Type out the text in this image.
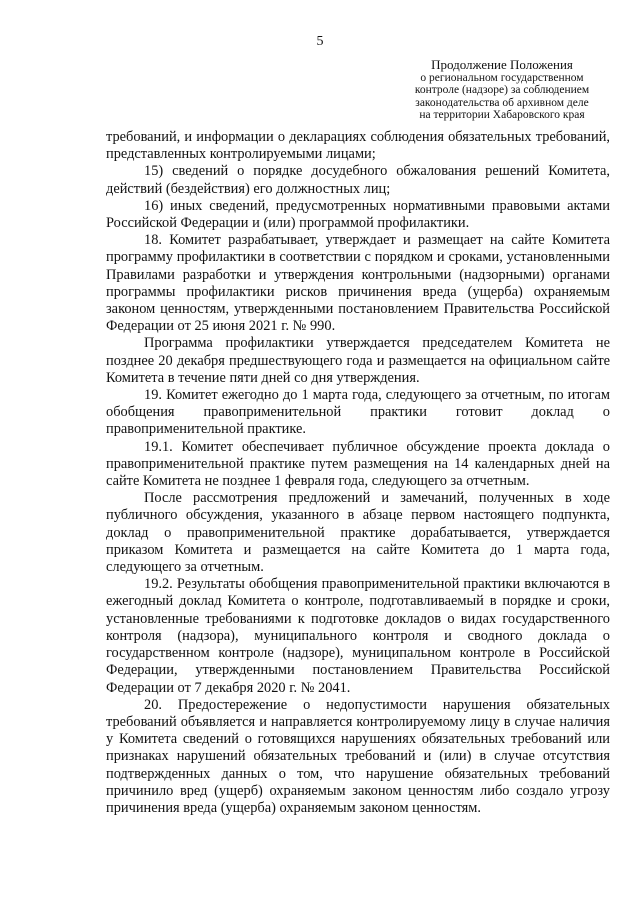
5
Продолжение Положения
о региональном государственном
контроле (надзоре) за соблюдением
законодательства об архивном деле
на территории Хабаровского края

требований, и информации о декларациях соблюдения обязательных требований, представленных контролируемыми лицами;

15) сведений о порядке досудебного обжалования решений Комитета, действий (бездействия) его должностных лиц;

16) иных сведений, предусмотренных нормативными правовыми актами Российской Федерации и (или) программой профилактики.

18. Комитет разрабатывает, утверждает и размещает на сайте Комитета программу профилактики в соответствии с порядком и сроками, установленными Правилами разработки и утверждения контрольными (надзорными) органами программы профилактики рисков причинения вреда (ущерба) охраняемым законом ценностям, утвержденными постановлением Правительства Российской Федерации от 25 июня 2021 г. № 990.

Программа профилактики утверждается председателем Комитета не позднее 20 декабря предшествующего года и размещается на официальном сайте Комитета в течение пяти дней со дня утверждения.

19. Комитет ежегодно до 1 марта года, следующего за отчетным, по итогам обобщения правоприменительной практики готовит доклад о правоприменительной практике.

19.1. Комитет обеспечивает публичное обсуждение проекта доклада о правоприменительной практике путем размещения на 14 календарных дней на сайте Комитета не позднее 1 февраля года, следующего за отчетным.

После рассмотрения предложений и замечаний, полученных в ходе публичного обсуждения, указанного в абзаце первом настоящего подпункта, доклад о правоприменительной практике дорабатывается, утверждается приказом Комитета и размещается на сайте Комитета до 1 марта года, следующего за отчетным.

19.2. Результаты обобщения правоприменительной практики включаются в ежегодный доклад Комитета о контроле, подготавливаемый в порядке и сроки, установленные требованиями к подготовке докладов о видах государственного контроля (надзора), муниципального контроля и сводного доклада о государственном контроле (надзоре), муниципальном контроле в Российской Федерации, утвержденными постановлением Правительства Российской Федерации от 7 декабря 2020 г. № 2041.

20. Предостережение о недопустимости нарушения обязательных требований объявляется и направляется контролируемому лицу в случае наличия у Комитета сведений о готовящихся нарушениях обязательных требований или признаках нарушений обязательных требований и (или) в случае отсутствия подтвержденных данных о том, что нарушение обязательных требований причинило вред (ущерб) охраняемым законом ценностям либо создало угрозу причинения вреда (ущерба) охраняемым законом ценностям.
